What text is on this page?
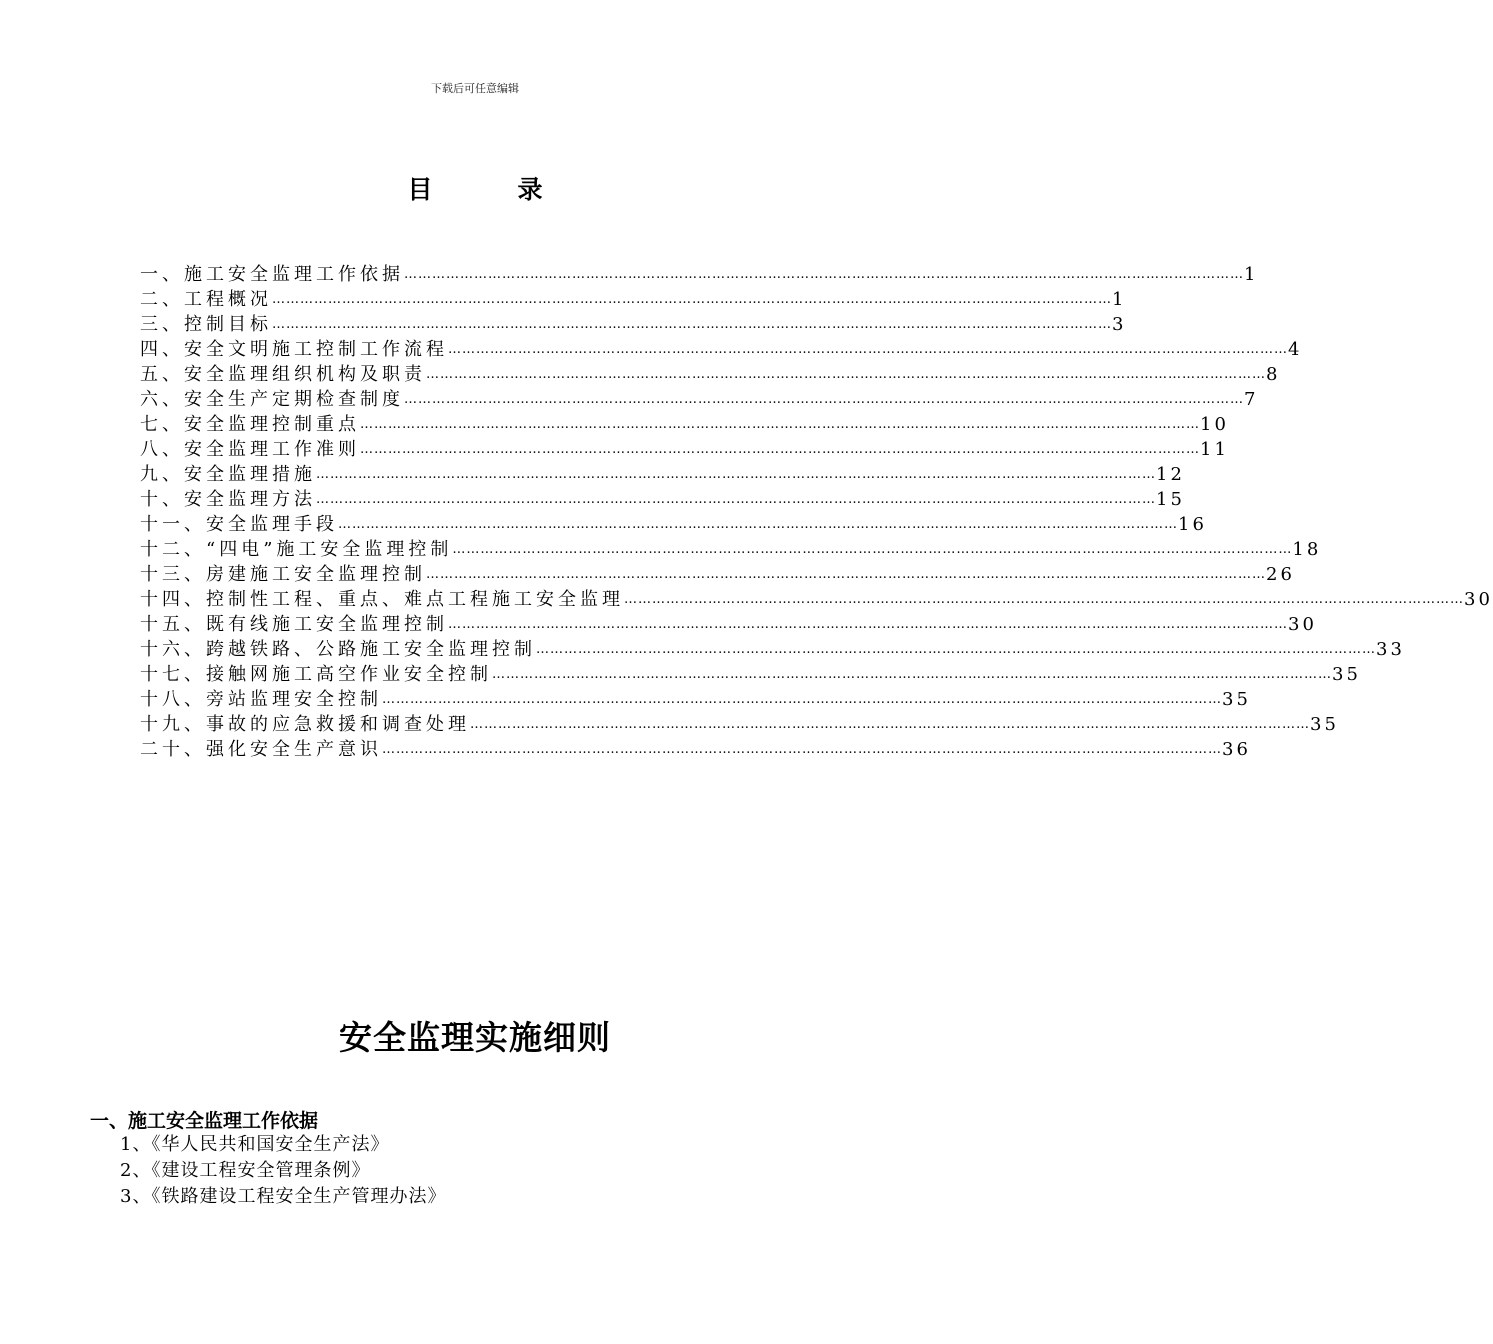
下载后可任意编辑
目	录
一、施工安全监理工作依据 ……………………………………………………………………………………………………………………………………………………………… 1
二、工程概况 ……………………………………………………………………………………………………………………………………………………………… 1
三、控制目标 ……………………………………………………………………………………………………………………………………………………………… 3
四、安全文明施工控制工作流程 ……………………………………………………………………………………………………………………………………………………………… 4
五、安全监理组织机构及职责 ……………………………………………………………………………………………………………………………………………………………… 8
六、安全生产定期检查制度 ……………………………………………………………………………………………………………………………………………………………… 7
七、安全监理控制重点 ……………………………………………………………………………………………………………………………………………………………… 10
八、安全监理工作准则 ……………………………………………………………………………………………………………………………………………………………… 11
九、安全监理措施 ……………………………………………………………………………………………………………………………………………………………… 12
十、安全监理方法 ……………………………………………………………………………………………………………………………………………………………… 15
十一、安全监理手段 ……………………………………………………………………………………………………………………………………………………………… 16
十二、“四电”施工安全监理控制 ……………………………………………………………………………………………………………………………………………………………… 18
十三、房建施工安全监理控制 ……………………………………………………………………………………………………………………………………………………………… 26
十四、控制性工程、重点、难点工程施工安全监理 ……………………………………………………………………………………………………………………………………………………………… 30
十五、既有线施工安全监理控制 ……………………………………………………………………………………………………………………………………………………………… 30
十六、跨越铁路、公路施工安全监理控制 ……………………………………………………………………………………………………………………………………………………………… 33
十七、接触网施工高空作业安全控制 ……………………………………………………………………………………………………………………………………………………………… 35
十八、旁站监理安全控制 ……………………………………………………………………………………………………………………………………………………………… 35
十九、事故的应急救援和调查处理 ……………………………………………………………………………………………………………………………………………………………… 35
二十、强化安全生产意识 ……………………………………………………………………………………………………………………………………………………………… 36
安全监理实施细则
一、施工安全监理工作依据
1、《华人民共和国安全生产法》
2、《建设工程安全管理条例》
3、《铁路建设工程安全生产管理办法》
